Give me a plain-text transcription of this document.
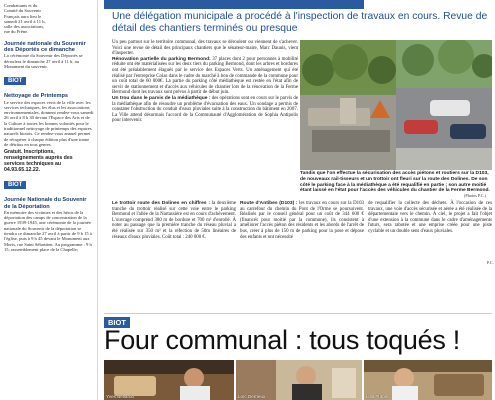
Combattants et du
Comité du Souvenir
Français aura lieu le
samedi 21 avril à 11 h,
salle des associations,
rue du Frêne.
Journée nationale du Souvenir des Déportés ce dimanche
La cérémonie du Souvenir des Déportés se déroulera le dimanche 27 avril à 11 h, au Monument du souvenir.
BIOT
Nettoyage de Printemps
Le service des espaces verts de la ville avec les services techniques, les élus et les associations environnementales, donnent rendez-vous samedi 26 avril à 8 h 30 devant l'Espace des Arts et de la Culture à toutes les bonnes volontés pour le traditionnel nettoyage de printemps des espaces naturels biotois. Ce rendez-vous annuel permet de récupérer à chaque édition plus d'une tonne de détritus en tous genres.
Gratuit. Inscriptions, renseignements auprès des services techniques au 04.93.65.12.22.
BIOT
Journée Nationale du Souvenir de la Déportation
En mémoire des victimes et des héros de la déportation des camps de concentration de la guerre 1939-1945, une cérémonie de la journée nationale du Souvenir de la déportation se tiendra ce dimanche 27 avril à partir de 9 h 15 à l'église, puis à 9 h 45 devant le Monument aux Morts, rue Saint Sébastien. Au programme : 9 h 15, rassemblement place de la Chapelle;
Une délégation municipale a procédé à l'inspection de travaux en cours. Revue de détail des chantiers terminés ou presque
Un peu partout sur le territoire communal, des travaux se déroulent ou viennent de s'achever. Voici une revue de détail des principaux chantiers que le sénateur-maire, Marc Daunis, vient d'inspecter.
Rénovation partielle du parking Bermond: 37 places dont 2 pour personnes à mobilité réduite ont été matérialisées sur les deux tiers du parking Bermond, dont les arbres et bordures ont été préalablement élagués par le service des Espaces Verts. Un aménagement qui été réalisé par l'entreprise Colas dans le cadre du marché à bon de commande de la commune pour un coût total de 60 000€. La partie du parking côté médiathèque est restée en l'état afin de servir de stationnement et d'accès aux véhicules de chantier lors de la rénovation de la Ferme Bermond dont les travaux sont prévus à partir de début juin.
Un trou dans le parvis de la médiathèque : des opérations sont en cours sur le parvis de la médiathèque afin de résoudre un problème d'évacuation des eaux. Un sondage a permis de constater l'obstruction du conduit d'eaux pluviales suite à la construction du bâtiment en 2007. La Ville attend désormais l'accord de la Communauté d'Agglomération de Sophia Antipolis pour intervenir.
Tandis que l'on effectue la sécurisation des accès piétons et routiers sur la D103, de nouveaux rail-tisseurs et un trottoir ont fleuri sur la route des Dolines. De son côté le parking face à la médiathèque a été requalifié en partie ; son autre moitié étant laissé en l'état pour l'accès des véhicules du chantier de la Ferme Bermond.
(Photos P.C.)
Le trottoir route des Dolines en chiffres : la deuxième tranche du trottoir réalisé sur cette voie entre le parking Bermond et l'allée de la Nartassière est en cours d'achèvement. L'ouvrage comprend 380 m de bordure et 700 m² d'enrobé. À noter au passage que la première tranche du réseau pluvial a été réalisée sur 350 m² et la réfection de 50m linéaires de réseaux d'eaux pluviales. Coût total : 240 000 €.
Route d'Antibes (D103) : les travaux en cours sur la D103 au carrefour du chemin du Pont de l'Orme se poursuivent. Réalisés par le conseil général pour un coût de 344 600 € (financés pour moitié par la commune), ils consistent à améliorer l'accès piéton des résidents et les abords de l'arrêt de bus, créer à plus de 150 m de parking pour la pose et dépose des enfants et ont nécessité
de requalifier la collecte des déchets. À l'occasion de ces travaux, une voie d'accès sécurisée et aérée a été réalisée de la départementale vers le chemin. À ciel, le projet a fait l'objet d'une extension à la commune dans le cadre d'aménagements futurs, sera rabotée et une emprise créée pour une piste cyclable et un double sens d'eaux pluviales.
P.C.
BIOT
Four communal : tous toqués !
Yves Bellardo	Loïc Derrieux	Lisa Turpin
